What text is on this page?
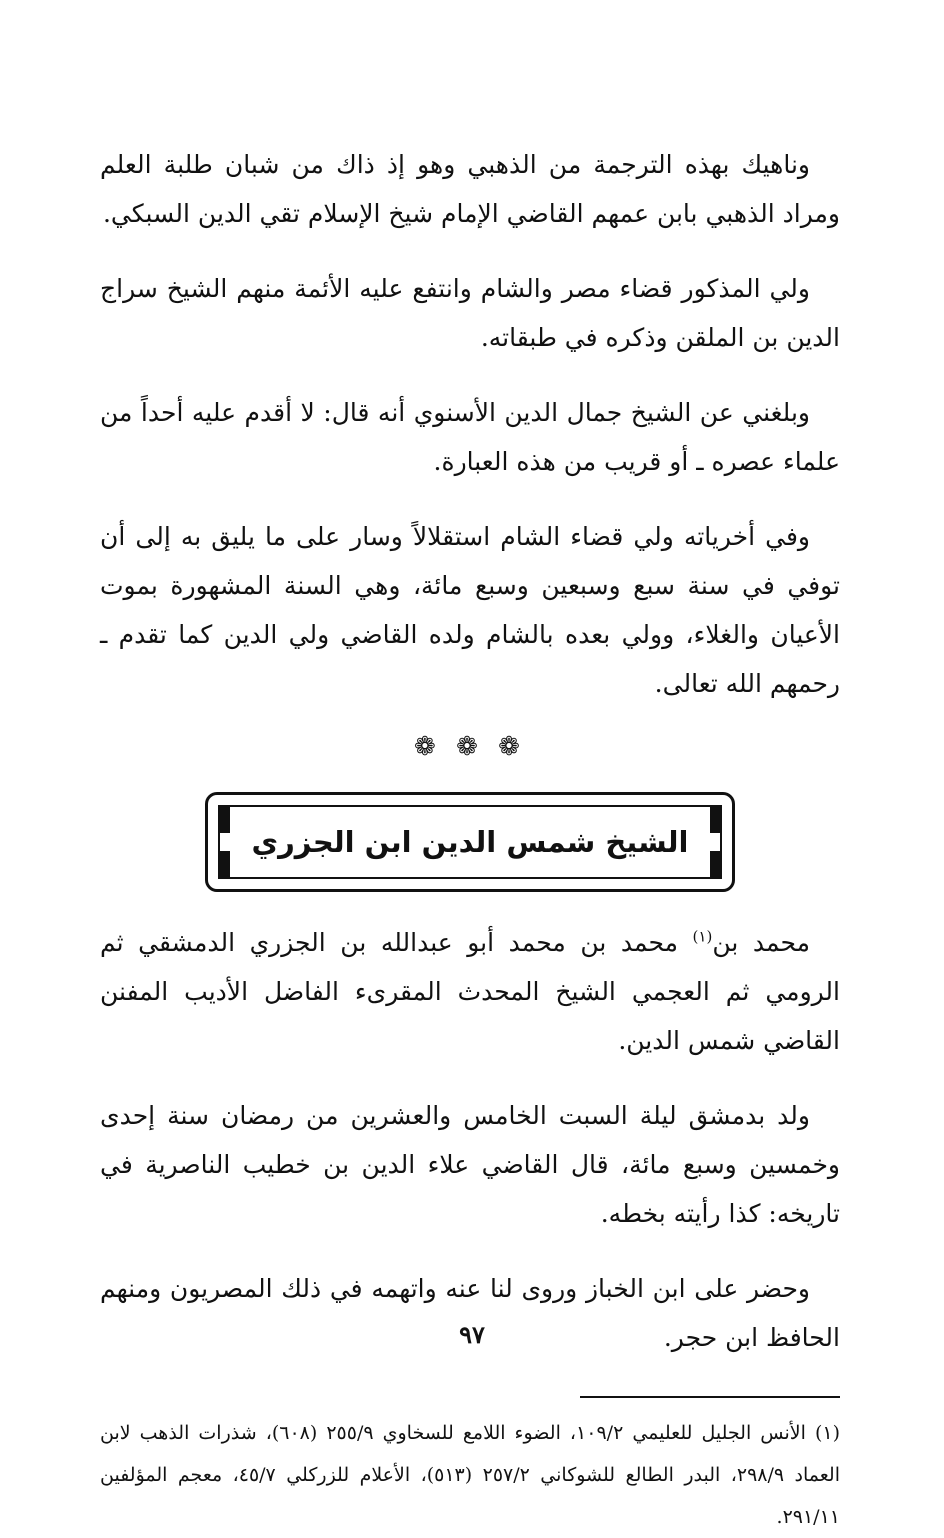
وناهيك بهذه الترجمة من الذهبي وهو إذ ذاك من شبان طلبة العلم ومراد الذهبي بابن عمهم القاضي الإمام شيخ الإسلام تقي الدين السبكي.

ولي المذكور قضاء مصر والشام وانتفع عليه الأئمة منهم الشيخ سراج الدين بن الملقن وذكره في طبقاته.

وبلغني عن الشيخ جمال الدين الأسنوي أنه قال: لا أقدم عليه أحداً من علماء عصره ـ أو قريب من هذه العبارة.

وفي أخرياته ولي قضاء الشام استقلالاً وسار على ما يليق به إلى أن توفي في سنة سبع وسبعين وسبع مائة، وهي السنة المشهورة بموت الأعيان والغلاء، وولي بعده بالشام ولده القاضي ولي الدين كما تقدم ـ رحمهم الله تعالى.

❁ ❁ ❁
الشيخ شمس الدين ابن الجزري

محمد بن$^{(١)}$ محمد بن محمد أبو عبدالله بن الجزري الدمشقي ثم الرومي ثم العجمي الشيخ المحدث المقرىء الفاضل الأديب المفنن القاضي شمس الدين.

ولد بدمشق ليلة السبت الخامس والعشرين من رمضان سنة إحدى وخمسين وسبع مائة، قال القاضي علاء الدين بن خطيب الناصرية في تاريخه: كذا رأيته بخطه.

وحضر على ابن الخباز وروى لنا عنه واتهمه في ذلك المصريون ومنهم الحافظ ابن حجر.

(١) الأنس الجليل للعليمي ١٠٩/٢، الضوء اللامع للسخاوي ٢٥٥/٩ (٦٠٨)، شذرات الذهب لابن العماد ٢٩٨/٩، البدر الطالع للشوكاني ٢٥٧/٢ (٥١٣)، الأعلام للزركلي ٤٥/٧، معجم المؤلفين ٢٩١/١١.

٩٧
